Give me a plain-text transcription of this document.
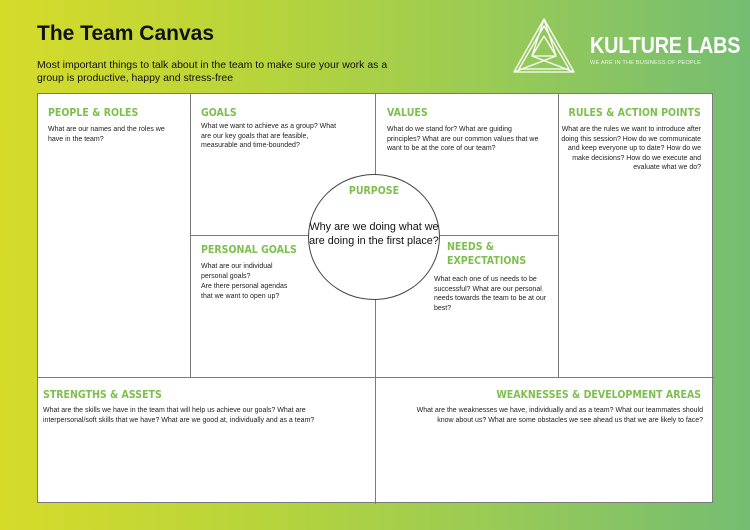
The Team Canvas
Most important things to talk about in the team to make sure your work as a group is productive, happy and stress-free
KULTURE LABS
WE ARE IN THE BUSINESS OF PEOPLE
PEOPLE & ROLES
What are our names and the roles we have in the team?
GOALS
What we want to achieve as a group? What are our key goals that are feasible, measurable and time-bounded?
VALUES
What do we stand for? What are guiding principles? What are our common values that we want to be at the core of our team?
RULES & ACTION POINTS
What are the rules we want to introduce after doing this session? How do we communicate and keep everyone up to date? How do we make decisions? How do we execute and evaluate what we do?
PERSONAL GOALS
What are our individual personal goals?
Are there personal agendas that we want to open up?
NEEDS &
EXPECTATIONS
What each one of us needs to be successful? What are our personal needs towards the team to be at our best?
PURPOSE
Why are we doing what we are doing in the first place?
STRENGTHS & ASSETS
What are the skills we have in the team that will help us achieve our goals? What are interpersonal/soft skills that we have? What are we good at, individually and as a team?
WEAKNESSES & DEVELOPMENT AREAS
What are the weaknesses we have, individually and as a team? What our teammates should know about us? What are some obstacles we see ahead us that we are likely to face?
